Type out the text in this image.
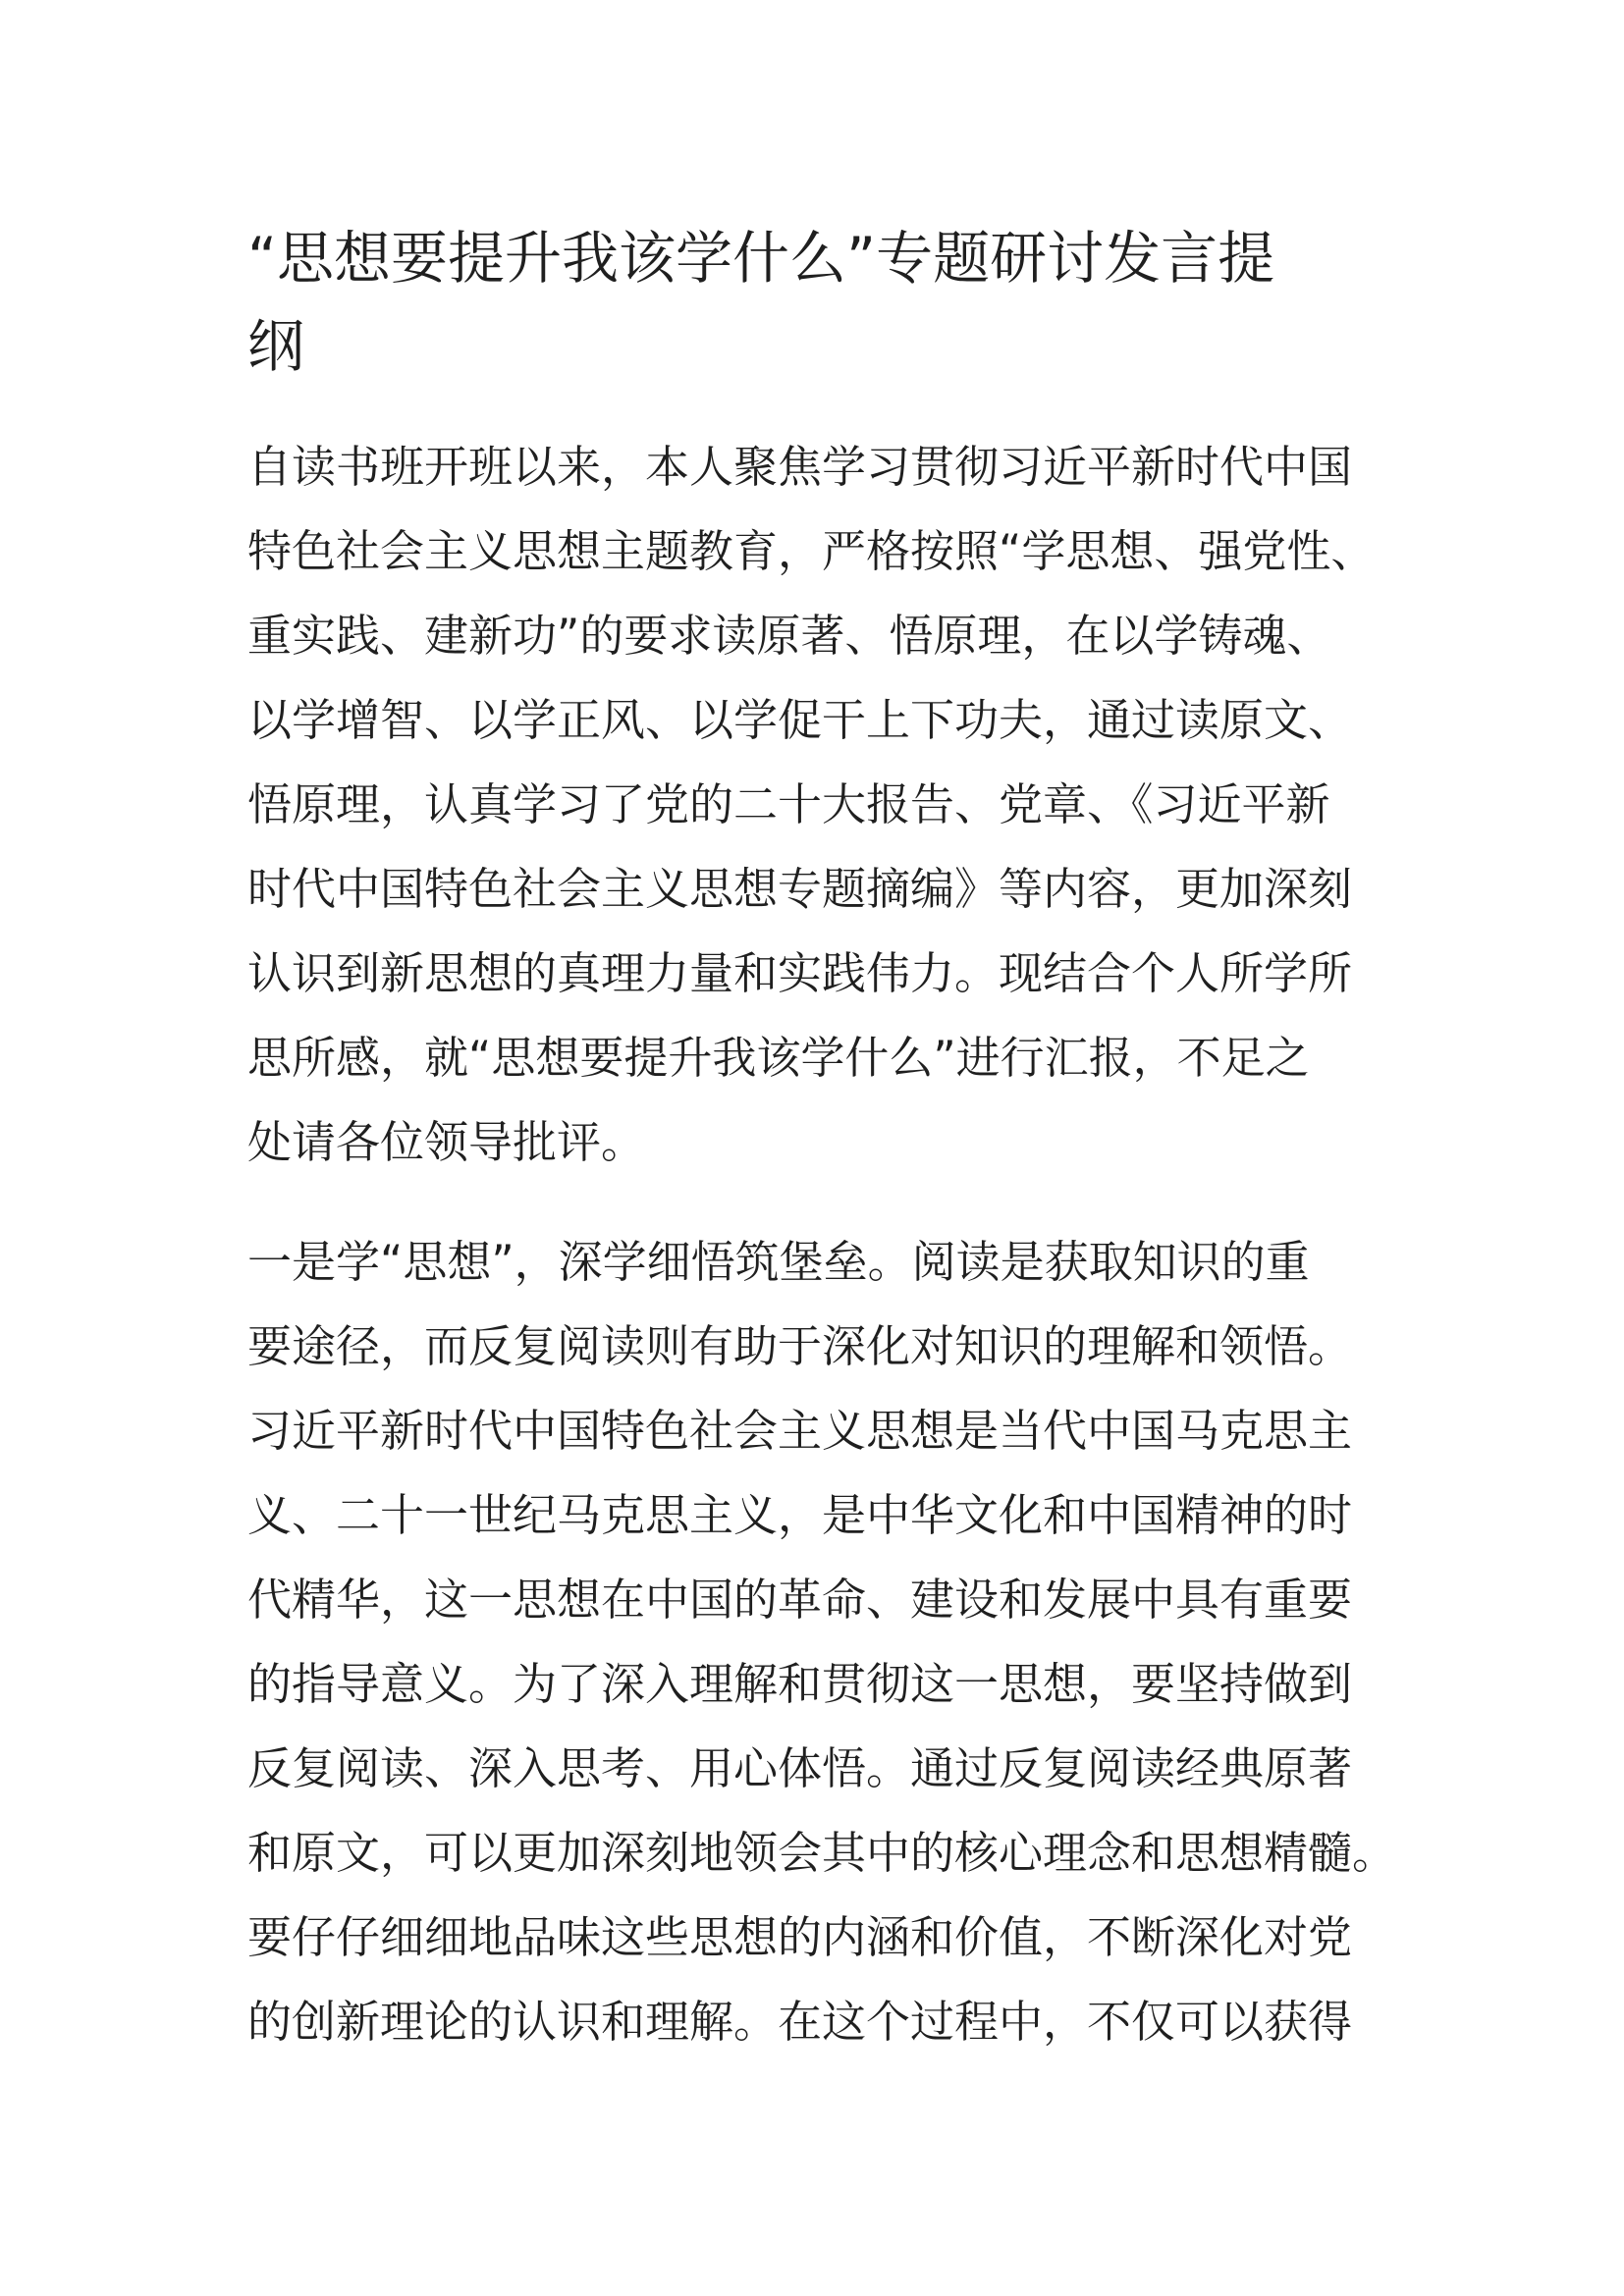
“思想要提升我该学什么”专题研讨发言提
纲

自读书班开班以来，本人聚焦学习贯彻习近平新时代中国
特色社会主义思想主题教育，严格按照“学思想、强党性、
重实践、建新功”的要求读原著、悟原理，在以学铸魂、
以学增智、以学正风、以学促干上下功夫，通过读原文、
悟原理，认真学习了党的二十大报告、党章、《习近平新
时代中国特色社会主义思想专题摘编》等内容，更加深刻
认识到新思想的真理力量和实践伟力。现结合个人所学所
思所感，就“思想要提升我该学什么”进行汇报，不足之
处请各位领导批评。

一是学“思想”，深学细悟筑堡垒。阅读是获取知识的重
要途径，而反复阅读则有助于深化对知识的理解和领悟。
习近平新时代中国特色社会主义思想是当代中国马克思主
义、二十一世纪马克思主义，是中华文化和中国精神的时
代精华，这一思想在中国的革命、建设和发展中具有重要
的指导意义。为了深入理解和贯彻这一思想，要坚持做到
反复阅读、深入思考、用心体悟。通过反复阅读经典原著
和原文，可以更加深刻地领会其中的核心理念和思想精髓。
要仔仔细细地品味这些思想的内涵和价值，不断深化对党
的创新理论的认识和理解。在这个过程中，不仅可以获得
